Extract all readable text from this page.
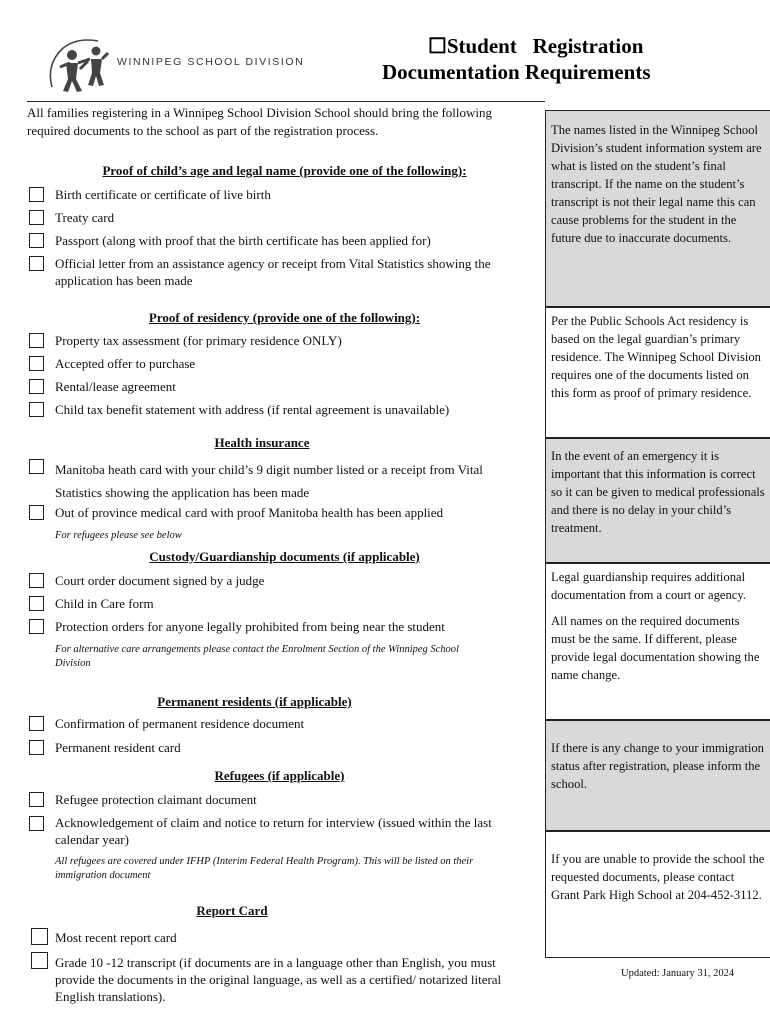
WINNIPEG SCHOOL DIVISION
☐Student   Registration
Documentation Requirements
All families registering in a Winnipeg School Division School should bring the following required documents to the school as part of the registration process.
Proof of child’s age and legal name (provide one of the following):
Birth certificate or certificate of live birth
Treaty card
Passport (along with proof that the birth certificate has been applied for)
Official letter from an assistance agency or receipt from Vital Statistics showing the application has been made
Proof of residency (provide one of the following):
Property tax assessment (for primary residence ONLY)
Accepted offer to purchase
Rental/lease agreement
Child tax benefit statement with address (if rental agreement is unavailable)
Health insurance
Manitoba heath card with your child’s 9 digit number listed or a receipt from Vital Statistics showing the application has been made
Out of province medical card with proof Manitoba health has been applied
For refugees please see below
Custody/Guardianship documents (if applicable)
Court order document signed by a judge
Child in Care form
Protection orders for anyone legally prohibited from being near the student
For alternative care arrangements please contact the Enrolment Section of the Winnipeg School Division
Permanent residents (if applicable)
Confirmation of permanent residence document
Permanent resident card
Refugees (if applicable)
Refugee protection claimant document
Acknowledgement of claim and notice to return for interview (issued within the last calendar year)
All refugees are covered under IFHP (Interim Federal Health Program). This will be listed on their immigration document
Report Card
Most recent report card
Grade 10 -12 transcript (if documents are in a language other than English, you must provide the documents in the original language, as well as a certified/ notarized literal English translations).
The names listed in the Winnipeg School Division’s student information system are what is listed on the student’s final transcript. If the name on the student’s transcript is not their legal name this can cause problems for the student in the future due to inaccurate documents.
Per the Public Schools Act residency is based on the legal guardian’s primary residence. The Winnipeg School Division requires one of the documents listed on this form as proof of primary residence.
In the event of an emergency it is important that this information is correct so it can be given to medical professionals and there is no delay in your child’s treatment.
Legal guardianship requires additional documentation from a court or agency.
All names on the required documents must be the same. If different, please provide legal documentation showing the name change.
If there is any change to your immigration status after registration, please inform the school.
If you are unable to provide the school the requested documents, please contact Grant Park High School at 204-452-3112.
Updated: January 31, 2024
